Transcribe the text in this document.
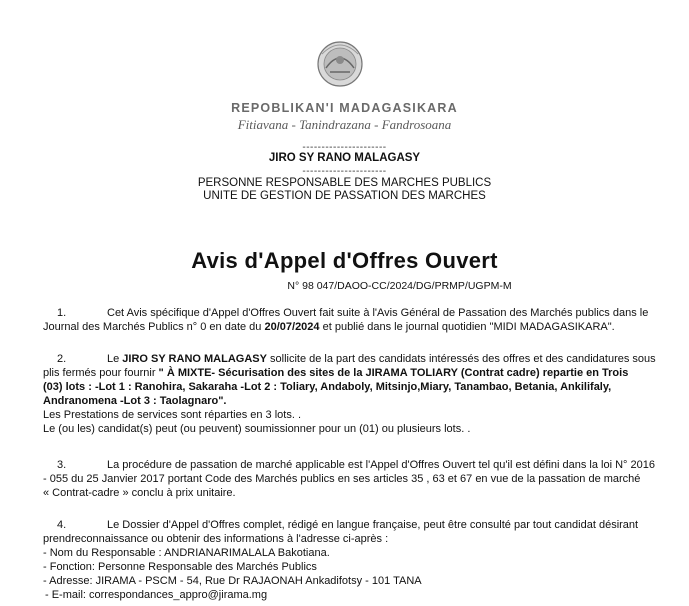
REPOBLIKAN'I MADAGASIKARA
Fitiavana - Tanindrazana - Fandrosoana
----------------------
JIRO SY RANO MALAGASY
----------------------
PERSONNE RESPONSABLE DES MARCHES PUBLICS
UNITE DE GESTION DE PASSATION DES MARCHES
Avis d'Appel d'Offres Ouvert
N° 98 047/DAOO-CC/2024/DG/PRMP/UGPM-M
1.	Cet Avis spécifique d'Appel d'Offres Ouvert fait suite à l'Avis Général de Passation des Marchés publics dans le
Journal des Marchés Publics n° 0 en date du 20/07/2024 et publié dans le journal quotidien "MIDI MADAGASIKARA".
2.	Le JIRO SY RANO MALAGASY sollicite de la part des candidats intéressés des offres et des candidatures sous
plis fermés pour fournir " À MIXTE- Sécurisation des sites de la JIRAMA TOLIARY (Contrat cadre) repartie en Trois
(03) lots : -Lot 1 : Ranohira, Sakaraha -Lot 2 : Toliary, Andaboly, Mitsinjo,Miary, Tanambao, Betania, Ankilifaly,
Andranomena -Lot 3 : Taolagnaro".
Les Prestations de services sont réparties en 3 lots. .
Le (ou les) candidat(s) peut (ou peuvent) soumissionner pour un (01) ou plusieurs lots. .
3.	La procédure de passation de marché applicable est l'Appel d'Offres Ouvert tel qu'il est défini dans la loi N° 2016
- 055 du 25 Janvier 2017 portant Code des Marchés publics en ses articles 35 , 63 et 67 en vue de la passation de marché
« Contrat-cadre » conclu à prix unitaire.
4.	Le Dossier d'Appel d'Offres complet, rédigé en langue française, peut être consulté par tout candidat désirant
prendreconnaissance ou obtenir des informations à l'adresse ci-après :
- Nom du Responsable : ANDRIANARIMALALA Bakotiana.
- Fonction: Personne Responsable des Marchés Publics
- Adresse: JIRAMA - PSCM - 54, Rue Dr RAJAONAH Ankadifotsy - 101 TANA
- E-mail: correspondances_appro@jirama.mg
